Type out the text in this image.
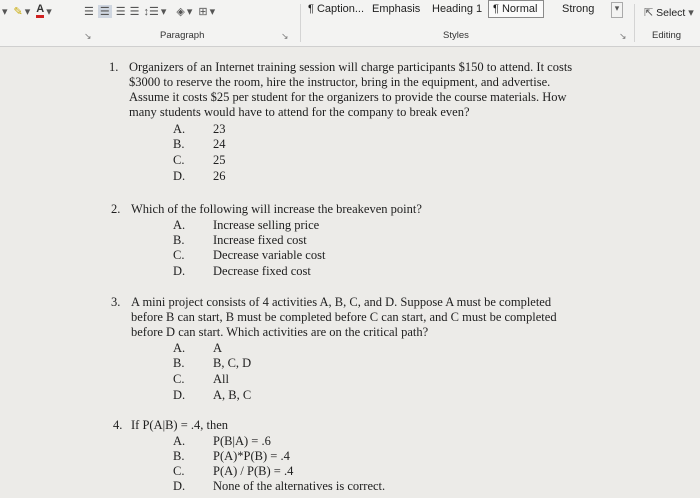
▾ ✎ ▾ A ▾	☰ ☰ ☰ ☰ ↕☰ ▾ ◈ ▾ ⊞ ▾	¶ Caption... Emphasis	Heading 1 ¶ Normal	Strong	▾	⇱ Select ▾
↘	Paragraph	↘	Styles	↘	Editing
1. Organizers of an Internet training session will charge participants $150 to attend. It costs
$3000 to reserve the room, hire the instructor, bring in the equipment, and advertise.
Assume it costs $25 per student for the organizers to provide the course materials. How
many students would have to attend for the company to break even?
A. 23
B. 24
C. 25
D. 26
2. Which of the following will increase the breakeven point?
A. Increase selling price
B. Increase fixed cost
C. Decrease variable cost
D. Decrease fixed cost
3. A mini project consists of 4 activities A, B, C, and D. Suppose A must be completed
before B can start, B must be completed before C can start, and C must be completed
before D can start. Which activities are on the critical path?
A. A
B. B, C, D
C. All
D. A, B, C
4. If P(A|B) = .4, then
A. P(B|A) = .6
B. P(A)*P(B) = .4
C. P(A) / P(B) = .4
D. None of the alternatives is correct.
